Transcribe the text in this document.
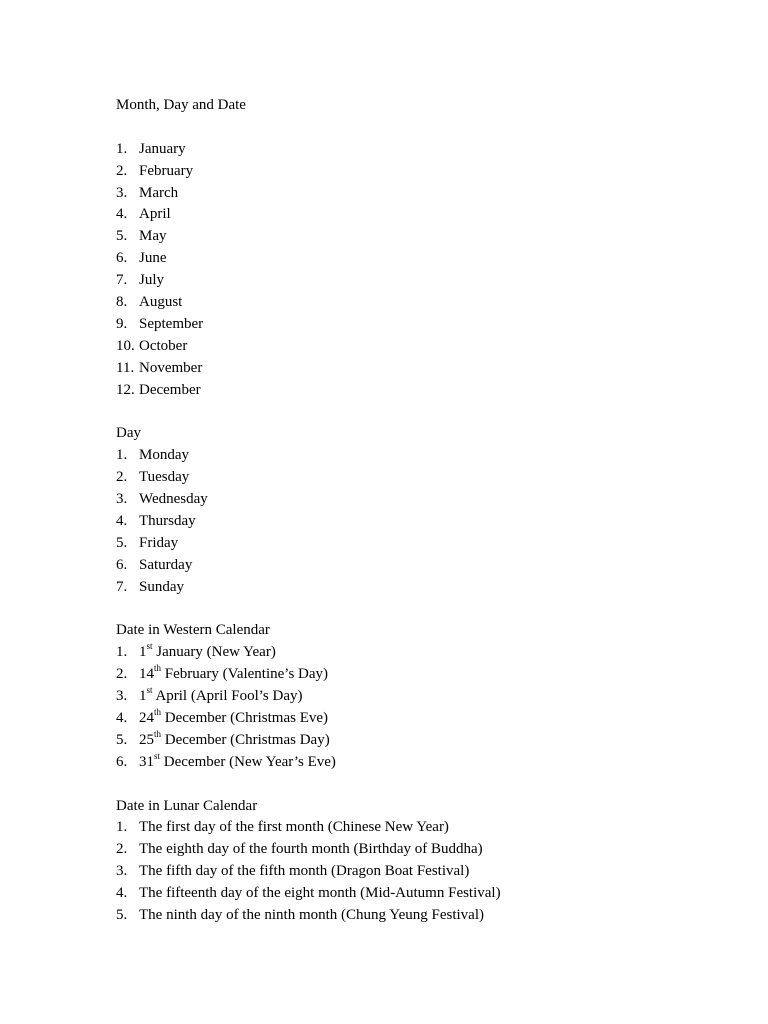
Month, Day and Date
1. January
2. February
3. March
4. April
5. May
6. June
7. July
8. August
9. September
10. October
11. November
12. December
Day
1. Monday
2. Tuesday
3. Wednesday
4. Thursday
5. Friday
6. Saturday
7. Sunday
Date in Western Calendar
1. 1st January (New Year)
2. 14th February (Valentine’s Day)
3. 1st April (April Fool’s Day)
4. 24th December (Christmas Eve)
5. 25th December (Christmas Day)
6. 31st December (New Year’s Eve)
Date in Lunar Calendar
1. The first day of the first month (Chinese New Year)
2. The eighth day of the fourth month (Birthday of Buddha)
3. The fifth day of the fifth month (Dragon Boat Festival)
4. The fifteenth day of the eight month (Mid-Autumn Festival)
5. The ninth day of the ninth month (Chung Yeung Festival)
